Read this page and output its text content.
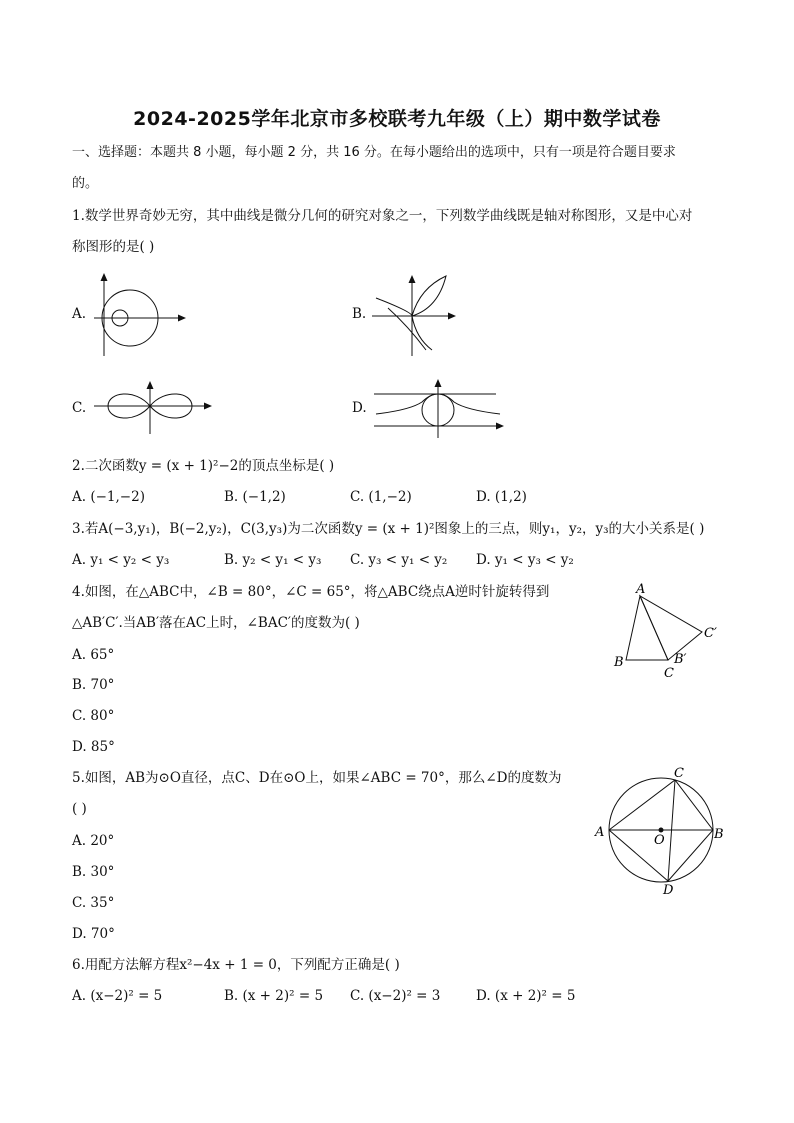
2024-2025学年北京市多校联考九年级（上）期中数学试卷
一、选择题：本题共 8 小题，每小题 2 分，共 16 分。在每小题给出的选项中，只有一项是符合题目要求
的。
1.数学世界奇妙无穷，其中曲线是微分几何的研究对象之一，下列数学曲线既是轴对称图形，又是中心对
称图形的是( )
A.	B.
C.	D.
2.二次函数y = (x + 1)²−2的顶点坐标是( )
A. (−1,−2)	B. (−1,2)	C. (1,−2)	D. (1,2)
3.若A(−3,y₁)，B(−2,y₂)，C(3,y₃)为二次函数y = (x + 1)²图象上的三点，则y₁，y₂，y₃的大小关系是( )
A. y₁ < y₂ < y₃	B. y₂ < y₁ < y₃ C. y₃ < y₁ < y₂ D. y₁ < y₃ < y₂
4.如图，在△ABC中，∠B = 80°，∠C = 65°，将△ABC绕点A逆时针旋转得到
△AB′C′.当AB′落在AC上时，∠BAC′的度数为( )
A. 65°
B. 70°
C. 80°
D. 85°
A
B
C
B′
C′
5.如图，AB为⊙O直径，点C、D在⊙O上，如果∠ABC = 70°，那么∠D的度数为
( )
A. 20°
B. 30°
C. 35°
D. 70°
A	B
C
D
O
6.用配方法解方程x²−4x + 1 = 0，下列配方正确是( )
A. (x−2)² = 5	B. (x + 2)² = 5 C. (x−2)² = 3	D. (x + 2)² = 5
